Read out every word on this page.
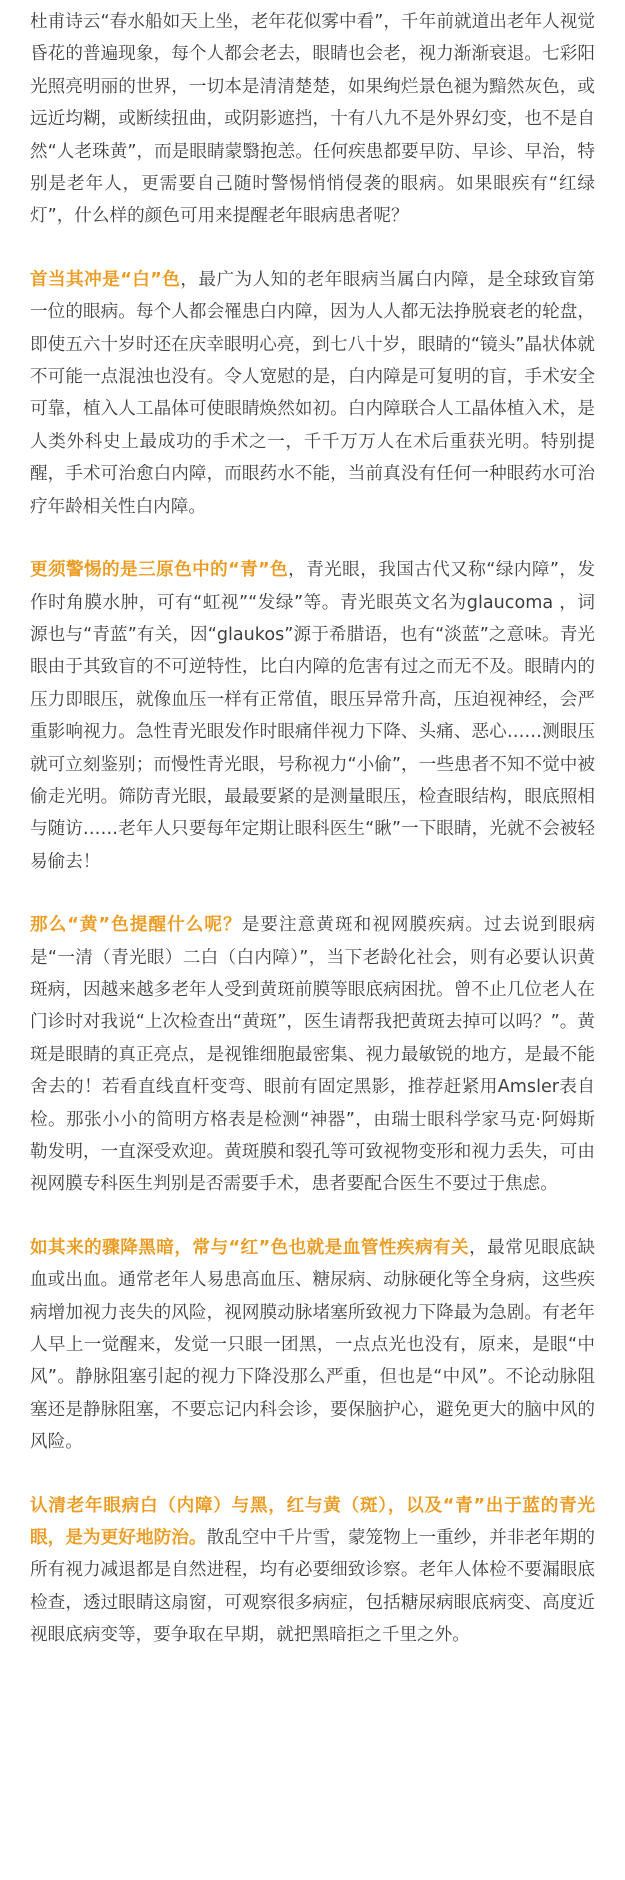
杜甫诗云“春水船如天上坐，老年花似雾中看”，千年前就道出老年人视觉昏花的普遍现象，每个人都会老去，眼睛也会老，视力渐渐衰退。七彩阳光照亮明丽的世界，一切本是清清楚楚，如果绚烂景色褪为黯然灰色，或远近均糊，或断续扭曲，或阴影遮挡，十有八九不是外界幻变，也不是自然“人老珠黄”，而是眼睛蒙翳抱恙。任何疾患都要早防、早诊、早治，特别是老年人，更需要自己随时警惕悄悄侵袭的眼病。如果眼疾有“红绿灯”，什么样的颜色可用来提醒老年眼病患者呢？

首当其冲是“白”色，最广为人知的老年眼病当属白内障，是全球致盲第一位的眼病。每个人都会罹患白内障，因为人人都无法挣脱衰老的轮盘，即使五六十岁时还在庆幸眼明心亮，到七八十岁，眼睛的“镜头”晶状体就不可能一点混浊也没有。令人宽慰的是，白内障是可复明的盲，手术安全可靠，植入人工晶体可使眼睛焕然如初。白内障联合人工晶体植入术，是人类外科史上最成功的手术之一，千千万万人在术后重获光明。特别提醒，手术可治愈白内障，而眼药水不能，当前真没有任何一种眼药水可治疗年龄相关性白内障。

更须警惕的是三原色中的“青”色，青光眼，我国古代又称“绿内障”，发作时角膜水肿，可有“虹视”“发绿”等。青光眼英文名为glaucoma ，词源也与“青蓝”有关，因“glaukos”源于希腊语，也有“淡蓝”之意味。青光眼由于其致盲的不可逆特性，比白内障的危害有过之而无不及。眼睛内的压力即眼压，就像血压一样有正常值，眼压异常升高，压迫视神经，会严重影响视力。急性青光眼发作时眼痛伴视力下降、头痛、恶心……测眼压就可立刻鉴别；而慢性青光眼，号称视力“小偷”，一些患者不知不觉中被偷走光明。筛防青光眼，最最要紧的是测量眼压，检查眼结构，眼底照相与随访……老年人只要每年定期让眼科医生“瞅”一下眼睛，光就不会被轻易偷去！

那么“黄”色提醒什么呢？是要注意黄斑和视网膜疾病。过去说到眼病是“一清（青光眼）二白（白内障）”，当下老龄化社会，则有必要认识黄斑病，因越来越多老年人受到黄斑前膜等眼底病困扰。曾不止几位老人在门诊时对我说“上次检查出“黄斑”，医生请帮我把黄斑去掉可以吗？”。黄斑是眼睛的真正亮点，是视锥细胞最密集、视力最敏锐的地方，是最不能舍去的！若看直线直杆变弯、眼前有固定黑影，推荐赶紧用Amsler表自检。那张小小的简明方格表是检测“神器”，由瑞士眼科学家马克·阿姆斯勒发明，一直深受欢迎。黄斑膜和裂孔等可致视物变形和视力丢失，可由视网膜专科医生判别是否需要手术，患者要配合医生不要过于焦虑。

如其来的骤降黑暗，常与“红”色也就是血管性疾病有关，最常见眼底缺血或出血。通常老年人易患高血压、糖尿病、动脉硬化等全身病，这些疾病增加视力丧失的风险，视网膜动脉堵塞所致视力下降最为急剧。有老年人早上一觉醒来，发觉一只眼一团黑，一点点光也没有，原来，是眼“中风”。静脉阻塞引起的视力下降没那么严重，但也是“中风”。不论动脉阻塞还是静脉阻塞，不要忘记内科会诊，要保脑护心，避免更大的脑中风的风险。

认清老年眼病白（内障）与黑，红与黄（斑），以及“青”出于蓝的青光眼，是为更好地防治。散乱空中千片雪，蒙笼物上一重纱，并非老年期的所有视力减退都是自然进程，均有必要细致诊察。老年人体检不要漏眼底检查，透过眼睛这扇窗，可观察很多病症，包括糖尿病眼底病变、高度近视眼底病变等，要争取在早期，就把黑暗拒之千里之外。
